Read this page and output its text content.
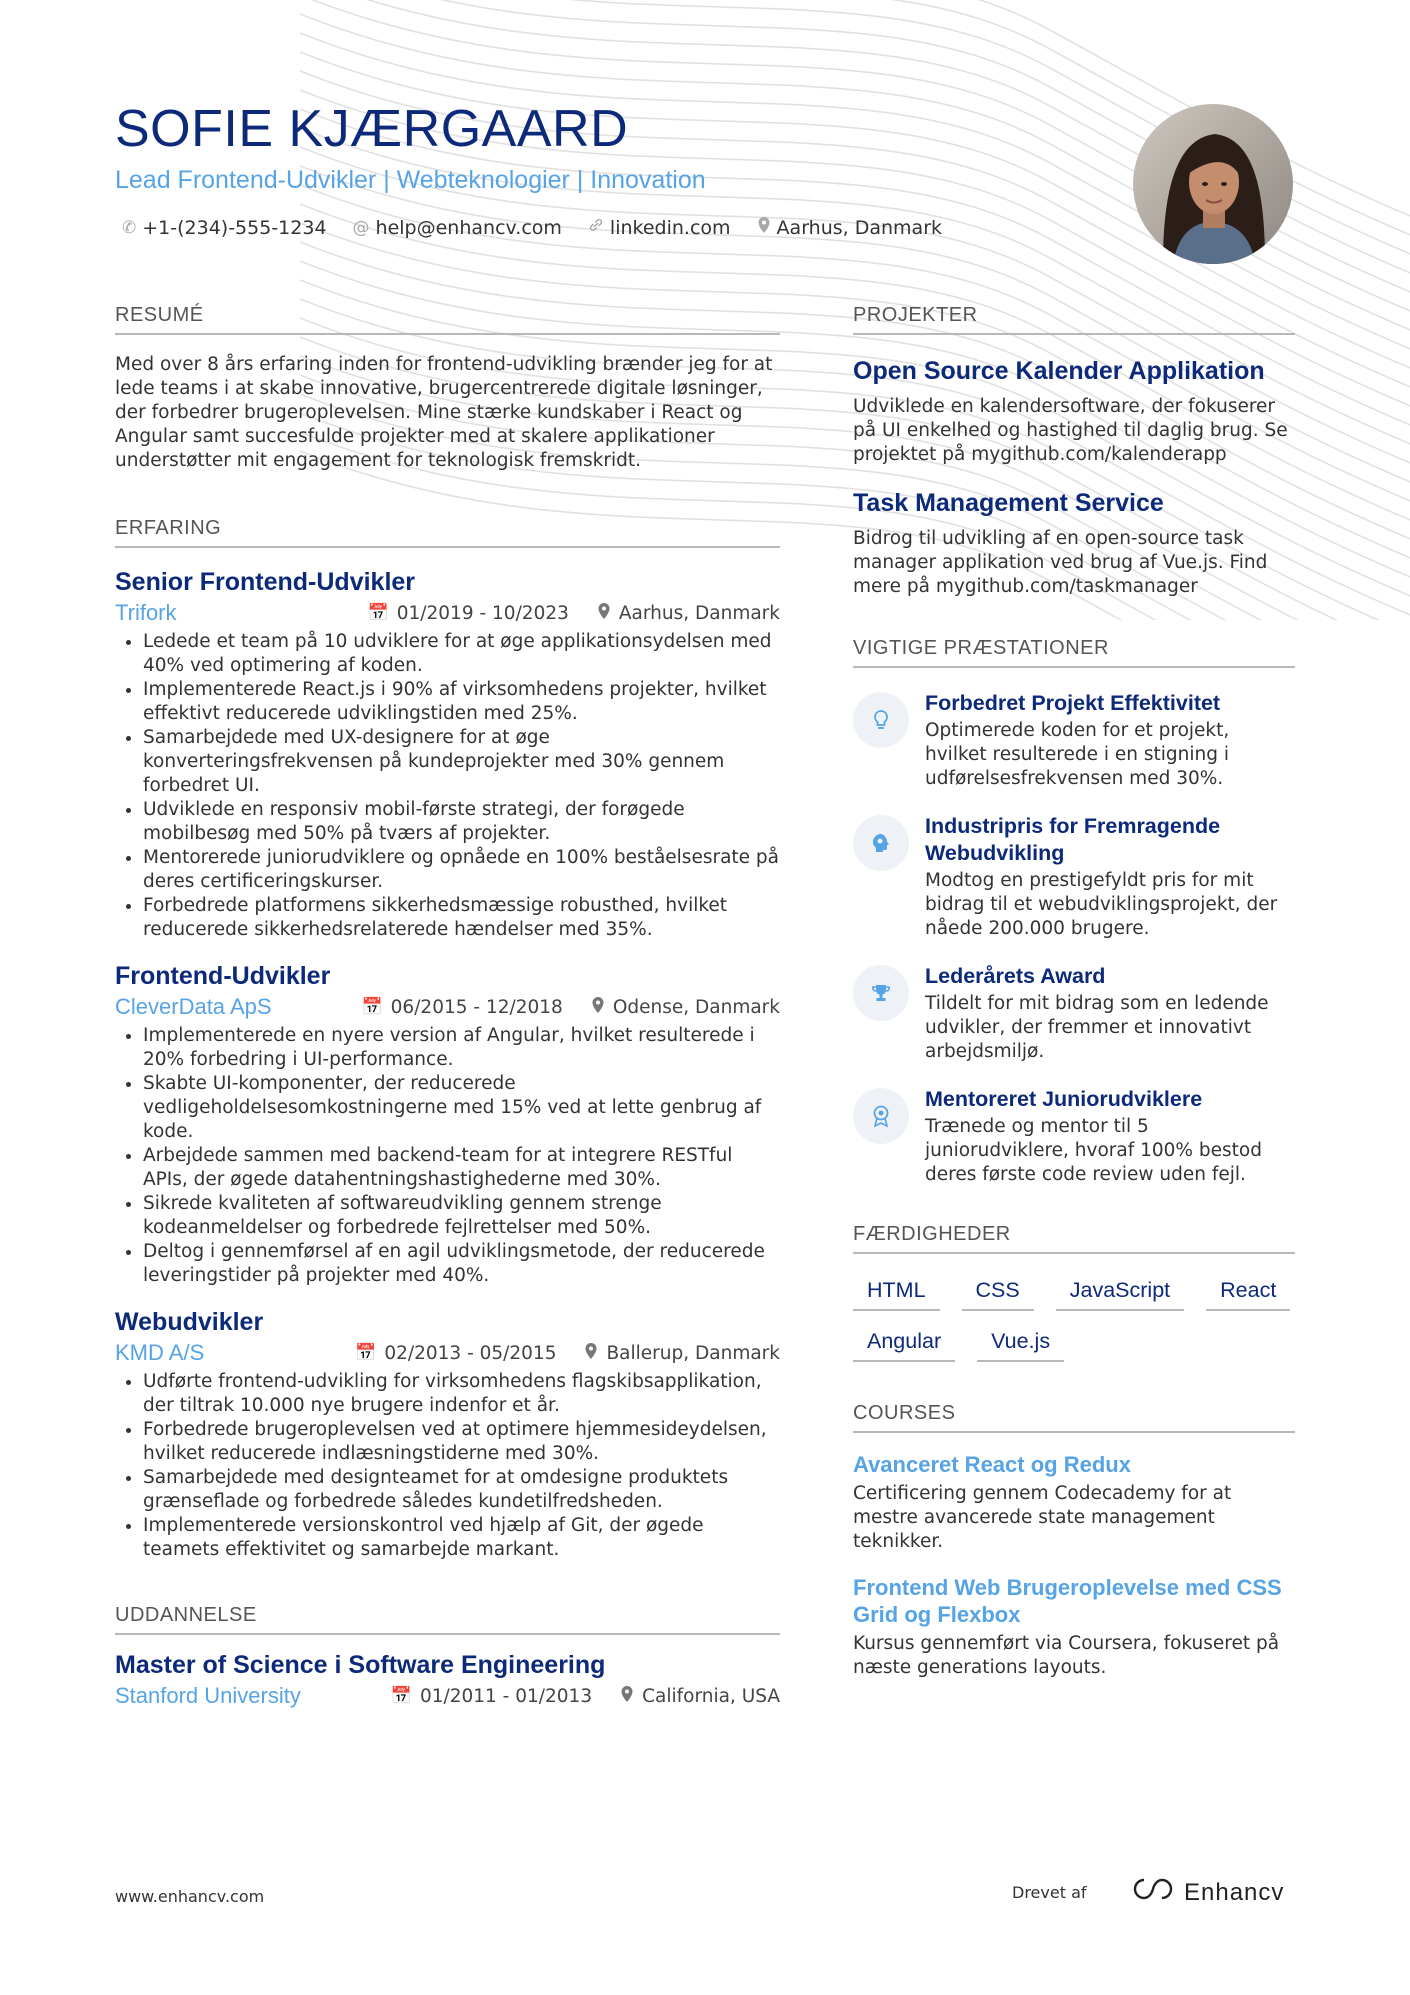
SOFIE KJÆRGAARD
Lead Frontend-Udvikler | Webteknologier | Innovation
✆ +1-(234)-555-1234 @ help@enhancv.com	linkedin.com Aarhus, Danmark
RESUMÉ

Med over 8 års erfaring inden for frontend-udvikling brænder jeg for at lede teams i at skabe innovative, brugercentrerede digitale løsninger, der forbedrer brugeroplevelsen. Mine stærke kundskaber i React og Angular samt succesfulde projekter med at skalere applikationer understøtter mit engagement for teknologisk fremskridt.

ERFARING
Senior Frontend-Udvikler
Trifork	📅 01/2019 - 10/2023	Aarhus, Danmark
• Ledede et team på 10 udviklere for at øge applikationsydelsen med 40% ved optimering af koden.
• Implementerede React.js i 90% af virksomhedens projekter, hvilket effektivt reducerede udviklingstiden med 25%.
• Samarbejdede med UX-designere for at øge konverteringsfrekvensen på kundeprojekter med 30% gennem forbedret UI.
• Udviklede en responsiv mobil-første strategi, der forøgede mobilbesøg med 50% på tværs af projekter.
• Mentorerede juniorudviklere og opnåede en 100% beståelsesrate på deres certificeringskurser.
• Forbedrede platformens sikkerhedsmæssige robusthed, hvilket reducerede sikkerhedsrelaterede hændelser med 35%.
Frontend-Udvikler
CleverData ApS	📅 06/2015 - 12/2018	Odense, Danmark
• Implementerede en nyere version af Angular, hvilket resulterede i 20% forbedring i UI-performance.
• Skabte UI-komponenter, der reducerede vedligeholdelsesomkostningerne med 15% ved at lette genbrug af kode.
• Arbejdede sammen med backend-team for at integrere RESTful APIs, der øgede datahentningshastighederne med 30%.
• Sikrede kvaliteten af softwareudvikling gennem strenge kodeanmeldelser og forbedrede fejlrettelser med 50%.
• Deltog i gennemførsel af en agil udviklingsmetode, der reducerede leveringstider på projekter med 40%.
Webudvikler
KMD A/S	📅 02/2013 - 05/2015	Ballerup, Danmark
• Udførte frontend-udvikling for virksomhedens flagskibsapplikation, der tiltrak 10.000 nye brugere indenfor et år.
• Forbedrede brugeroplevelsen ved at optimere hjemmesideydelsen, hvilket reducerede indlæsningstiderne med 30%.
• Samarbejdede med designteamet for at omdesigne produktets grænseflade og forbedrede således kundetilfredsheden.
• Implementerede versionskontrol ved hjælp af Git, der øgede teamets effektivitet og samarbejde markant.
UDDANNELSE
Master of Science i Software Engineering
Stanford University	📅 01/2011 - 01/2013	California, USA
PROJEKTER
Open Source Kalender Applikation

Udviklede en kalendersoftware, der fokuserer på UI enkelhed og hastighed til daglig brug. Se projektet på mygithub.com/kalenderapp

Task Management Service

Bidrog til udvikling af en open-source task manager applikation ved brug af Vue.js. Find mere på mygithub.com/taskmanager

VIGTIGE PRÆSTATIONER
Forbedret Projekt Effektivitet

Optimerede koden for et projekt, hvilket resulterede i en stigning i udførelsesfrekvensen med 30%.

Industripris for Fremragende Webudvikling

Modtog en prestigefyldt pris for mit bidrag til et webudviklingsprojekt, der nåede 200.000 brugere.

Lederårets Award

Tildelt for mit bidrag som en ledende udvikler, der fremmer et innovativt arbejdsmiljø.

Mentoreret Juniorudviklere

Trænede og mentor til 5 juniorudviklere, hvoraf 100% bestod deres første code review uden fejl.

FÆRDIGHEDER
HTML	CSS	JavaScript	React
Angular	Vue.js
COURSES
Avanceret React og Redux

Certificering gennem Codecademy for at mestre avancerede state management teknikker.

Frontend Web Brugeroplevelse med CSS Grid og Flexbox

Kursus gennemført via Coursera, fokuseret på næste generations layouts.

www.enhancv.com	Drevet af	Enhancv
